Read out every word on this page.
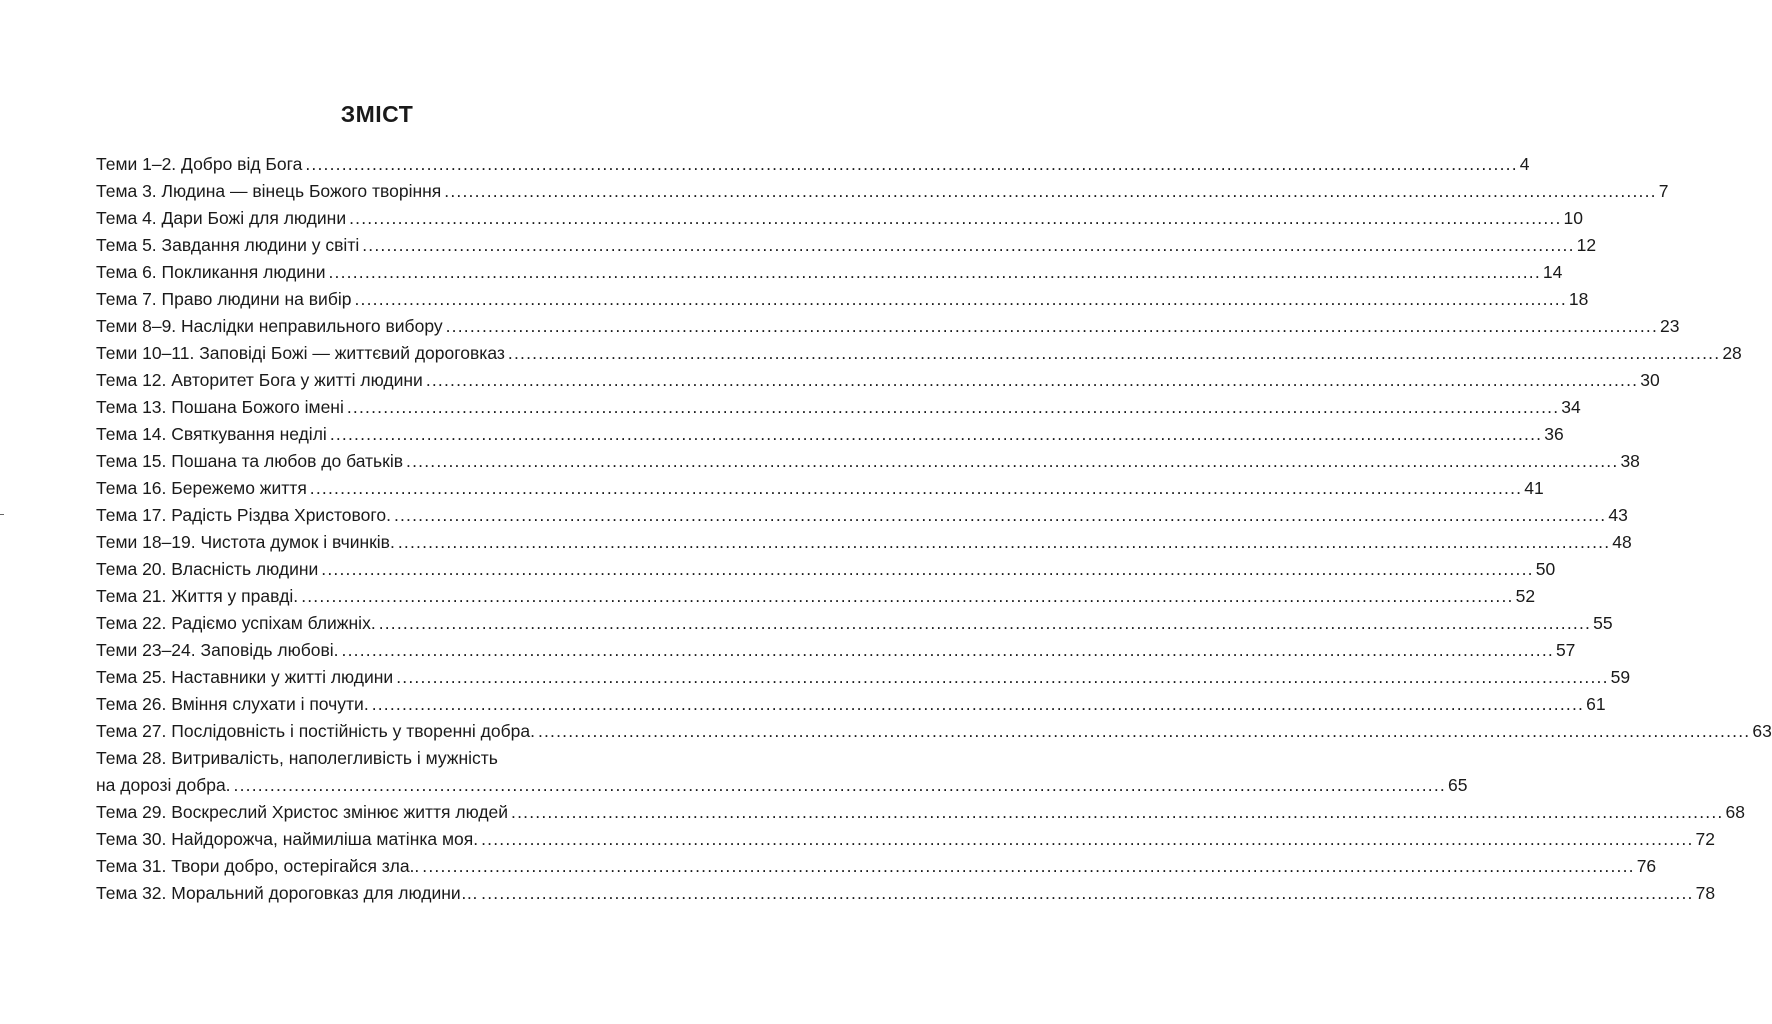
ЗМІСТ
Теми 1–2. Добро від Бога ........................................................................................................................................................................................................ 4
Тема 3. Людина — вінець Божого творіння ........................................................................................................................................................................................................ 7
Тема 4. Дари Божі для людини ........................................................................................................................................................................................................ 10
Тема 5. Завдання людини у світі ........................................................................................................................................................................................................ 12
Тема 6. Покликання людини ........................................................................................................................................................................................................ 14
Тема 7. Право людини на вибір ........................................................................................................................................................................................................ 18
Теми 8–9. Наслідки неправильного вибору ........................................................................................................................................................................................................ 23
Теми 10–11. Заповіді Божі — життєвий дороговказ ........................................................................................................................................................................................................ 28
Тема 12. Авторитет Бога у житті людини ........................................................................................................................................................................................................ 30
Тема 13. Пошана Божого імені ........................................................................................................................................................................................................ 34
Тема 14. Святкування неділі ........................................................................................................................................................................................................ 36
Тема 15. Пошана та любов до батьків ........................................................................................................................................................................................................ 38
Тема 16. Бережемо життя ........................................................................................................................................................................................................ 41
Тема 17. Радість Різдва Христового. ........................................................................................................................................................................................................ 43
Теми 18–19. Чистота думок і вчинків. ........................................................................................................................................................................................................ 48
Тема 20. Власність людини ........................................................................................................................................................................................................ 50
Тема 21. Життя у правді. ........................................................................................................................................................................................................ 52
Тема 22. Радіємо успіхам ближніх. ........................................................................................................................................................................................................ 55
Теми 23–24. Заповідь любові. ........................................................................................................................................................................................................ 57
Тема 25. Наставники у житті людини ........................................................................................................................................................................................................ 59
Тема 26. Вміння слухати і почути. ........................................................................................................................................................................................................ 61
Тема 27. Послідовність і постійність у творенні добра. ........................................................................................................................................................................................................ 63
Тема 28. Витривалість, наполегливість і мужність
на дорозі добра. ........................................................................................................................................................................................................ 65
Тема 29. Воскреслий Христос змінює життя людей ........................................................................................................................................................................................................ 68
Тема 30. Найдорожча, наймиліша матінка моя. ........................................................................................................................................................................................................ 72
Тема 31. Твори добро, остерігайся зла.. ........................................................................................................................................................................................................ 76
Тема 32. Моральний дороговказ для людини… ........................................................................................................................................................................................................ 78
